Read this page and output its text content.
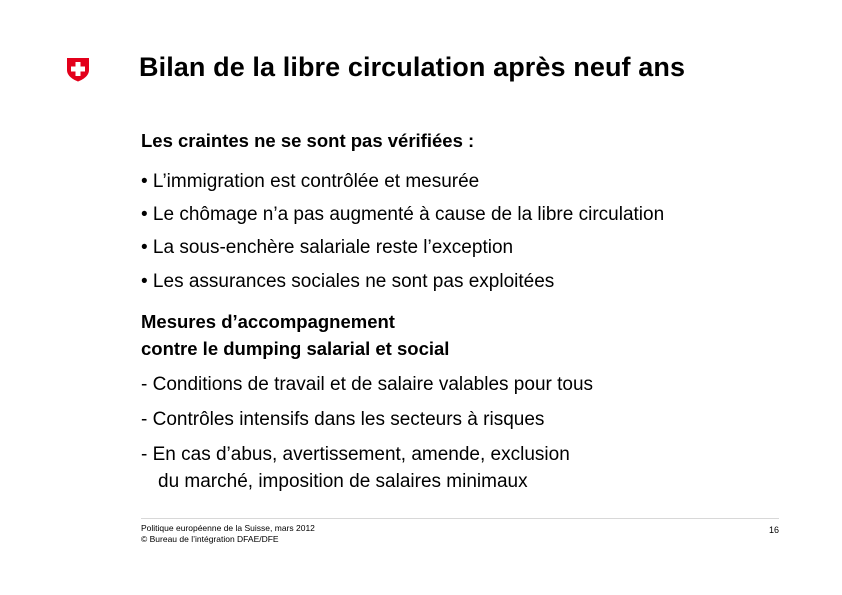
Bilan de la libre circulation après neuf ans

Les craintes ne se sont pas vérifiées :

• L’immigration est contrôlée et mesurée

• Le chômage n’a pas augmenté à cause de la libre circulation

• La sous-enchère salariale reste l’exception

• Les assurances sociales ne sont pas exploitées

Mesures d’accompagnement
contre le dumping salarial et social

- Conditions de travail et de salaire valables pour tous

- Contrôles intensifs dans les secteurs à risques

- En cas d’abus, avertissement, amende, exclusion
du marché, imposition de salaires minimaux

Politique européenne de la Suisse, mars 2012
© Bureau de l’intégration DFAE/DFE
16
